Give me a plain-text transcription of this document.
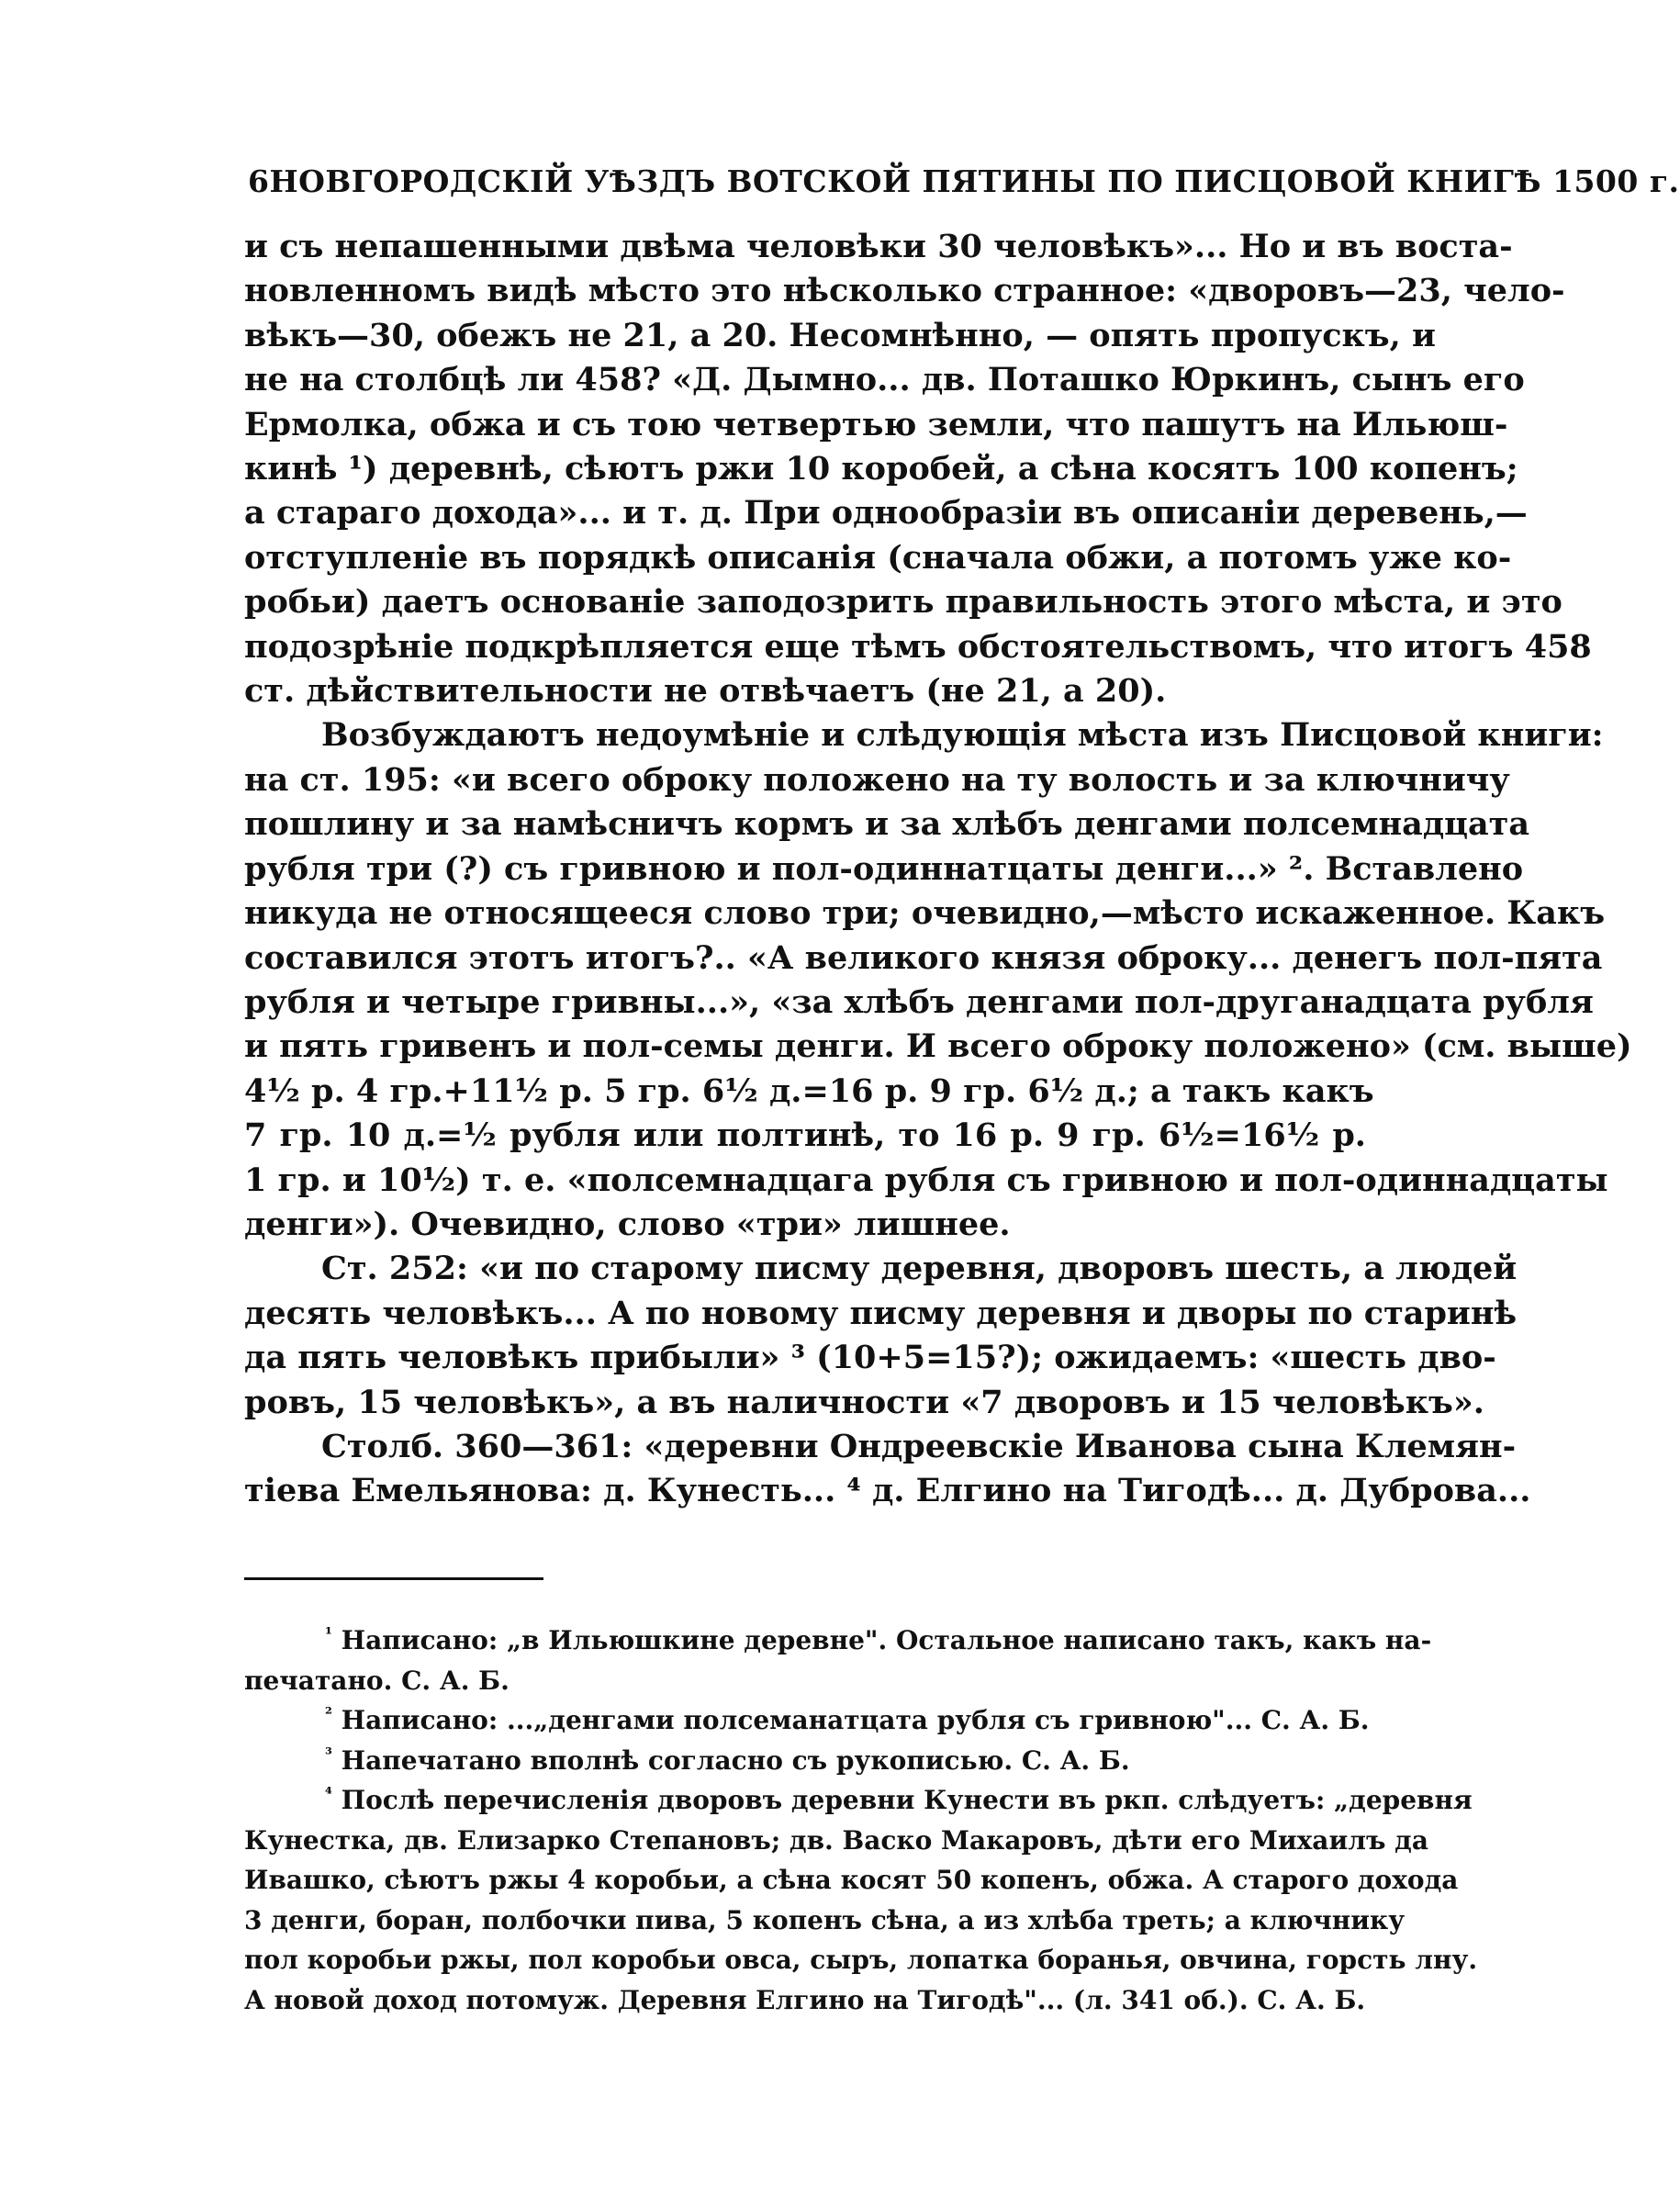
6 НОВГОРОДСКІЙ УѢЗДЪ ВОТСКОЙ ПЯТИНЫ ПО ПИСЦОВОЙ КНИГѢ 1500 г.
и съ непашенными двѣма человѣки 30 человѣкъ»... Но и въ воста-
новленномъ видѣ мѣсто это нѣсколько странное: «дворовъ—23, чело-
вѣкъ—30, обежъ не 21, а 20. Несомнѣнно, — опять пропускъ, и
не на столбцѣ ли 458? «Д. Дымно... дв. Поташко Юркинъ, сынъ его
Ермолка, обжа и съ тою четвертью земли, что пашутъ на Ильюш-
кинѣ ¹) деревнѣ, сѣютъ ржи 10 коробей, а сѣна косятъ 100 копенъ;
а стараго дохода»... и т. д. При однообразіи въ описаніи деревень,—
отступленіе въ порядкѣ описанія (сначала обжи, а потомъ уже ко-
робьи) даетъ основаніе заподозрить правильность этого мѣста, и это
подозрѣніе подкрѣпляется еще тѣмъ обстоятельствомъ, что итогъ 458
ст. дѣйствительности не отвѣчаетъ (не 21, а 20).
Возбуждаютъ недоумѣніе и слѣдующія мѣста изъ Писцовой книги:
на ст. 195: «и всего оброку положено на ту волость и за ключничу
пошлину и за намѣсничъ кормъ и за хлѣбъ денгами полсемнадцата
рубля три (?) съ гривною и пол-одиннатцаты денги...» ². Вставлено
никуда не относящееся слово три; очевидно,—мѣсто искаженное. Какъ
составился этотъ итогъ?.. «А великого князя оброку... денегъ пол-пята
рубля и четыре гривны...», «за хлѣбъ денгами пол-друганадцата рубля
и пять гривенъ и пол-семы денги. И всего оброку положено» (см. выше)
4½ р. 4 гр.+11½ р. 5 гр. 6½ д.=16 р. 9 гр. 6½ д.; а такъ какъ
7 гр. 10 д.=½ рубля или полтинѣ, то 16 р. 9 гр. 6½=16½ р.
1 гр. и 10½) т. е. «полсемнадцага рубля съ гривною и пол-одиннадцаты
денги»). Очевидно, слово «три» лишнее.
Ст. 252: «и по старому писму деревня, дворовъ шесть, а людей
десять человѣкъ... А по новому писму деревня и дворы по старинѣ
да пять человѣкъ прибыли» ³ (10+5=15?); ожидаемъ: «шесть дво-
ровъ, 15 человѣкъ», а въ наличности «7 дворовъ и 15 человѣкъ».
Столб. 360—361: «деревни Ондреевскіе Иванова сына Клемян-
тіева Емельянова: д. Кунесть... ⁴ д. Елгино на Тигодѣ... д. Дуброва...
$^{^1}$ Написано: „в Ильюшкине деревне". Остальное написано такъ, какъ на-
печатано. С. А. Б.
$^{^2}$ Написано: ...„денгами полсеманатцата рубля съ гривною"... С. А. Б.
$^{^3}$ Напечатано вполнѣ согласно съ рукописью. С. А. Б.
$^{^4}$ Послѣ перечисленія дворовъ деревни Кунести въ ркп. слѣдуетъ: „деревня
Кунестка, дв. Елизарко Степановъ; дв. Васко Макаровъ, дѣти его Михаилъ да
Ивашко, сѣютъ ржы 4 коробьи, а сѣна косят 50 копенъ, обжа. А старого дохода
3 денги, боран, полбочки пива, 5 копенъ сѣна, а из хлѣба треть; а ключнику
пол коробьи ржы, пол коробьи овса, сыръ, лопатка боранья, овчина, горсть лну.
А новой доход потомуж. Деревня Елгино на Тигодѣ"... (л. 341 об.). С. А. Б.
